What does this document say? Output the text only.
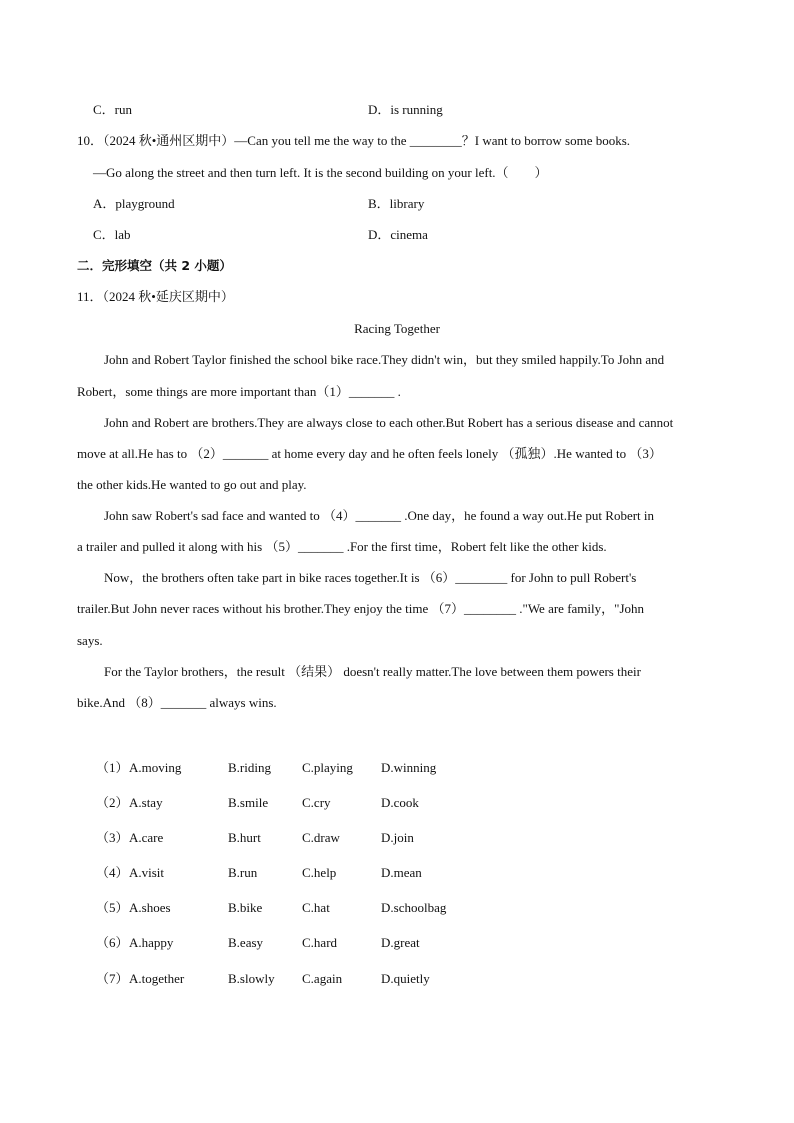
C．run	D．is running
10．（2024 秋•通州区期中）—Can you tell me the way to the ________？I want to borrow some books.
—Go along the street and then turn left. It is the second building on your left.（　　）
A．playground	B．library
C．lab	D．cinema
二．完形填空（共 2 小题）
11．（2024 秋•延庆区期中）
Racing Together
John and Robert Taylor finished the school bike race.They didn't win，but they smiled happily.To John and
Robert，some things are more important than（1）_______ .
John and Robert are brothers.They are always close to each other.But Robert has a serious disease and cannot
move at all.He has to （2）_______ at home every day and he often feels lonely （孤独）.He wanted to （3）
the other kids.He wanted to go out and play.
John saw Robert's sad face and wanted to （4）_______ .One day，he found a way out.He put Robert in
a trailer and pulled it along with his （5）_______ .For the first time，Robert felt like the other kids.
Now，the brothers often take part in bike races together.It is （6）________ for John to pull Robert's
trailer.But John never races without his brother.They enjoy the time （7）________ ."We are family，"John
says.
For the Taylor brothers，the result （结果） doesn't really matter.The love between them powers their
bike.And （8）_______ always wins.
（1） A.moving	B.riding C.playing D.winning
（2） A.stay	B.smile	C.cry	D.cook
（3） A.care	B.hurt	C.draw	D.join
（4） A.visit	B.run	C.help	D.mean
（5） A.shoes	B.bike	C.hat	D.schoolbag
（6） A.happy	B.easy	C.hard	D.great
（7） A.together	B.slowly C.again	D.quietly
